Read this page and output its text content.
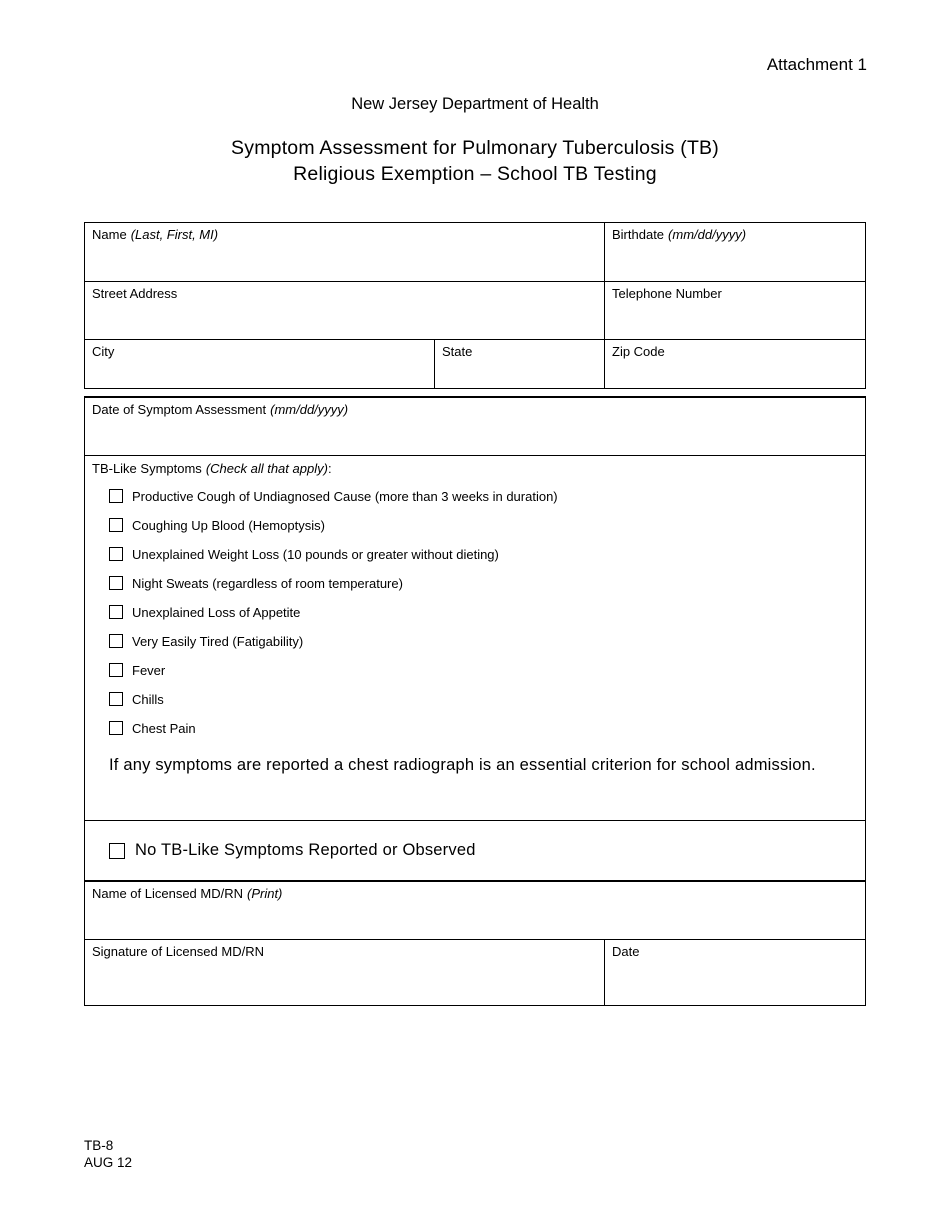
Attachment 1
New Jersey Department of Health
Symptom Assessment for Pulmonary Tuberculosis (TB)
Religious Exemption – School TB Testing
Name (Last, First, MI)	Birthdate (mm/dd/yyyy)
Street Address	Telephone Number
City	State	Zip Code
Date of Symptom Assessment (mm/dd/yyyy)
TB-Like Symptoms (Check all that apply):
Productive Cough of Undiagnosed Cause (more than 3 weeks in duration)
Coughing Up Blood (Hemoptysis)
Unexplained Weight Loss (10 pounds or greater without dieting)
Night Sweats (regardless of room temperature)
Unexplained Loss of Appetite
Very Easily Tired (Fatigability)
Fever
Chills
Chest Pain
If any symptoms are reported a chest radiograph is an essential criterion for school admission.
No TB-Like Symptoms Reported or Observed
Name of Licensed MD/RN (Print)
Signature of Licensed MD/RN	Date
TB-8
AUG 12
